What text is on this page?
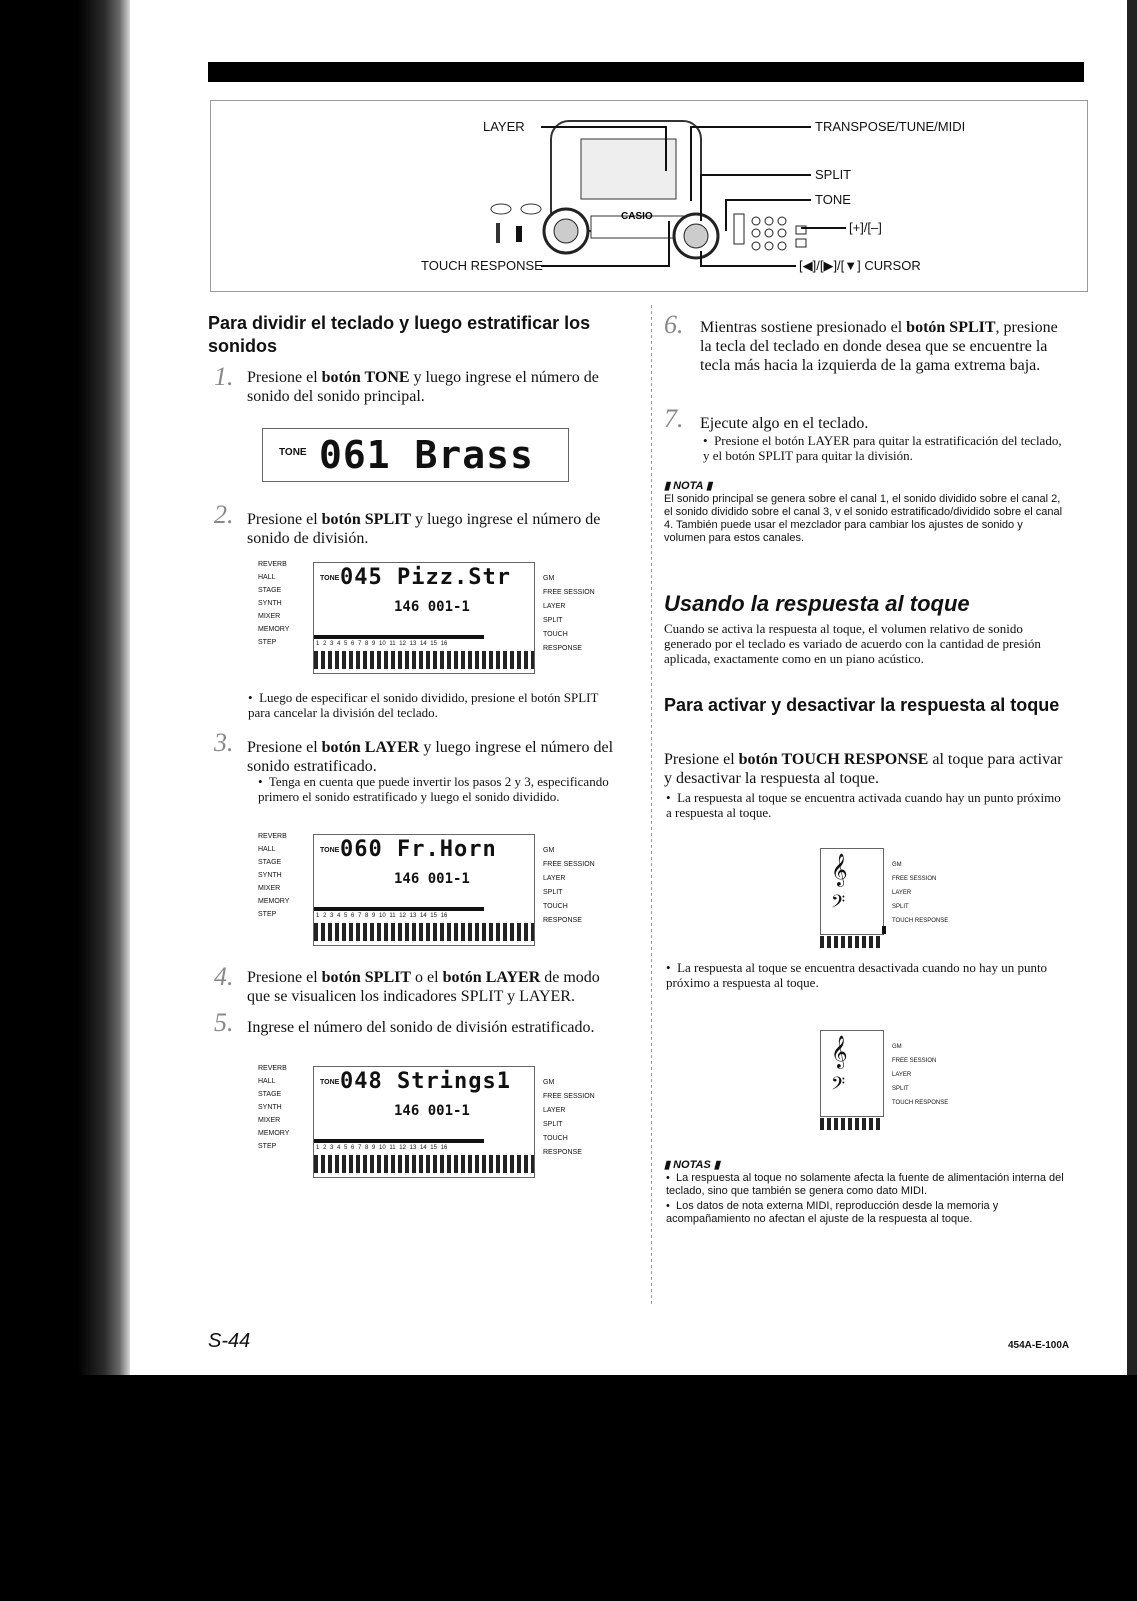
CASIO
LAYER	TRANSPOSE/TUNE/MIDI
SPLIT
TONE
[+]/[–]
TOUCH RESPONSE	[◀]/[▶]/[▼] CURSOR
Para dividir el teclado y luego estratificar los sonidos
1. Presione el botón TONE y luego ingrese el número de sonido del sonido principal.
TONE 061 Brass
2. Presione el botón SPLIT y luego ingrese el número de sonido de división.
REVERB
HALL
STAGE
SYNTH
MIXER
MEMORY
STEP
TONE 045 Pizz.Str
146 001-1
1 2 3 4 5 6 7 8 9 10 11 12 13 14 15 16
GM
FREE SESSION
LAYER
SPLIT
TOUCH RESPONSE
•  Luego de especificar el sonido dividido, presione el botón SPLIT para cancelar la división del teclado.
3. Presione el botón LAYER y luego ingrese el número del sonido estratificado.
•  Tenga en cuenta que puede invertir los pasos 2 y 3, especificando primero el sonido estratificado y luego el sonido dividido.
REVERB
HALL
STAGE
SYNTH
MIXER
MEMORY
STEP
TONE 060 Fr.Horn
146 001-1
1 2 3 4 5 6 7 8 9 10 11 12 13 14 15 16
GM
FREE SESSION
LAYER
SPLIT
TOUCH RESPONSE
4. Presione el botón SPLIT o el botón LAYER de modo que se visualicen los indicadores SPLIT y LAYER.
5. Ingrese el número del sonido de división estratificado.
REVERB
HALL
STAGE
SYNTH
MIXER
MEMORY
STEP
TONE 048 Strings1
146 001-1
1 2 3 4 5 6 7 8 9 10 11 12 13 14 15 16
GM
FREE SESSION
LAYER
SPLIT
TOUCH RESPONSE
6. Mientras sostiene presionado el botón SPLIT, presione la tecla del teclado en donde desea que se encuentre la tecla más hacia la izquierda de la gama extrema baja.
7. Ejecute algo en el teclado.
•  Presione el botón LAYER para quitar la estratificación del teclado, y el botón SPLIT para quitar la división.
▮ NOTA ▮
El sonido principal se genera sobre el canal 1, el sonido dividido sobre el canal 2, el sonido dividido sobre el canal 3, v el sonido estratificado/dividido sobre el canal 4. También puede usar el mezclador para cambiar los ajustes de sonido y volumen para estos canales.
Usando la respuesta al toque
Cuando se activa la respuesta al toque, el volumen relativo de sonido generado por el teclado es variado de acuerdo con la cantidad de presión aplicada, exactamente como en un piano acústico.
Para activar y desactivar la respuesta al toque
Presione el botón TOUCH RESPONSE al toque para activar y desactivar la respuesta al toque.
•  La respuesta al toque se encuentra activada cuando hay un punto próximo a respuesta al toque.
𝄞
𝄢
GM
FREE SESSION
LAYER
SPLIT
TOUCH RESPONSE
•  La respuesta al toque se encuentra desactivada cuando no hay un punto próximo a respuesta al toque.
𝄞
𝄢
GM
FREE SESSION
LAYER
SPLIT
TOUCH RESPONSE
▮ NOTAS ▮
•  La respuesta al toque no solamente afecta la fuente de alimentación interna del teclado, sino que también se genera como dato MIDI.
•  Los datos de nota externa MIDI, reproducción desde la memoria y acompañamiento no afectan el ajuste de la respuesta al toque.
S-44	454A-E-100A
